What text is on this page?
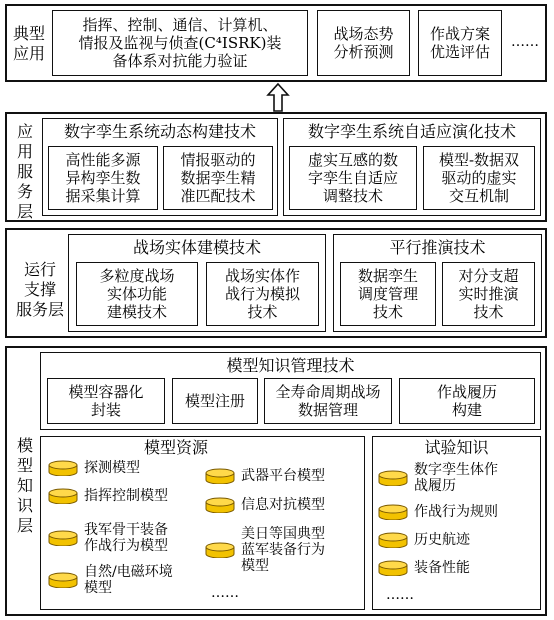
典型
应用
指挥、控制、通信、计算机、
情报及监视与侦查(C⁴ISRK)装
备体系对抗能力验证
战场态势
分析预测
作战方案
优选评估
……
应
用
服
务
层
数字孪生系统动态构建技术
高性能多源
异构孪生数
据采集计算
情报驱动的
数据孪生精
准匹配技术
数字孪生系统自适应演化技术
虚实互感的数
字孪生自适应
调整技术
模型-数据双
驱动的虚实
交互机制
运行
支撑
服务层
战场实体建模技术
多粒度战场
实体功能
建模技术
战场实体作
战行为模拟
技术
平行推演技术
数据孪生
调度管理
技术
对分支超
实时推演
技术
模
型
知
识
层
模型知识管理技术
模型容器化
封装	模型注册	全寿命周期战场
数据管理
作战履历
构建
模型资源
探测模型
指挥控制模型
我军骨干装备
作战行为模型
自然/电磁环境
模型
武器平台模型
信息对抗模型
美日等国典型
蓝军装备行为
模型
……
试验知识
数字孪生体作
战履历
作战行为规则
历史航迹
装备性能
……
